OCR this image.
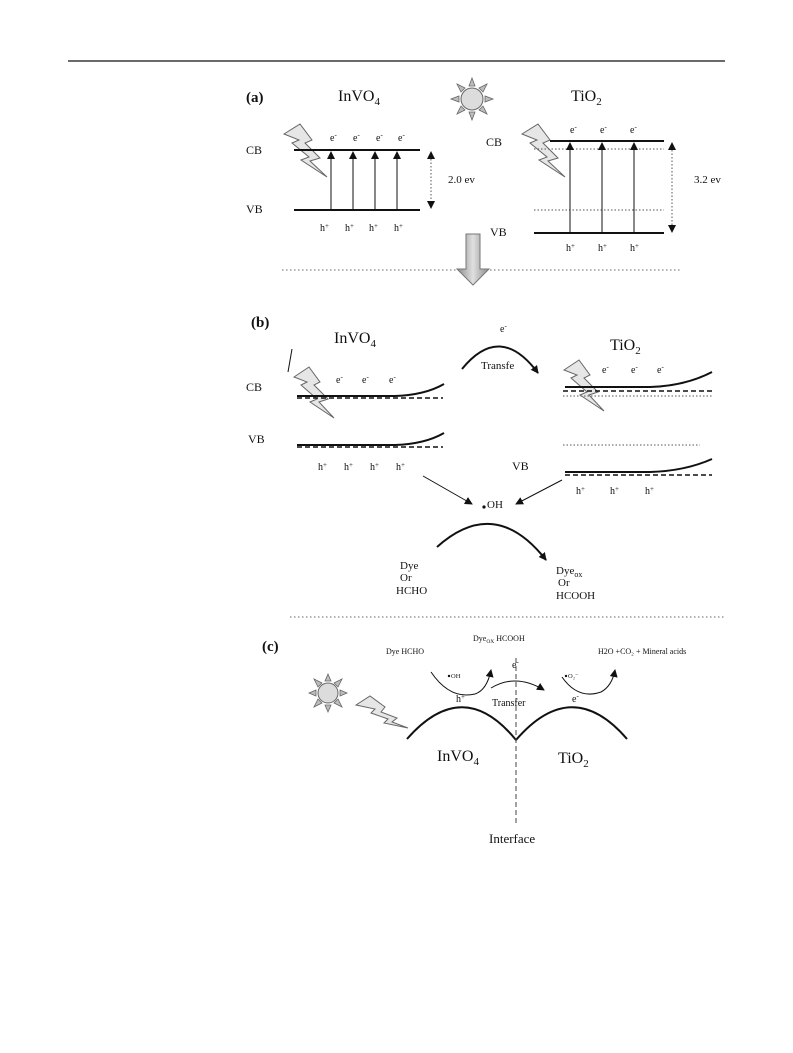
(a)	InVO$_4$	TiO$_2$
CB
VB
CB
VB
e- e- e- e-
h+ h+ h+ h+
2.0 ev
e- e- e-
h+ h+ h+
3.2 ev
(b)
InVO$_4$	TiO$_2$
CB
VB
VB
e- e- e-
h+ h+ h+ h+
e-
Transfe	e- e- e-
h+	h+	h+
OH
Dye
Or
HCHO
Dye$_{ox}$
Or
HCOOH
(c)	Dye HCHO
Dye$_{OX}$ HCOOH
H2O +CO₂ + Mineral acids
OH
h+
e-
Transfer
O₂⁻
e-
InVO$_4$	TiO$_2$
Interface
